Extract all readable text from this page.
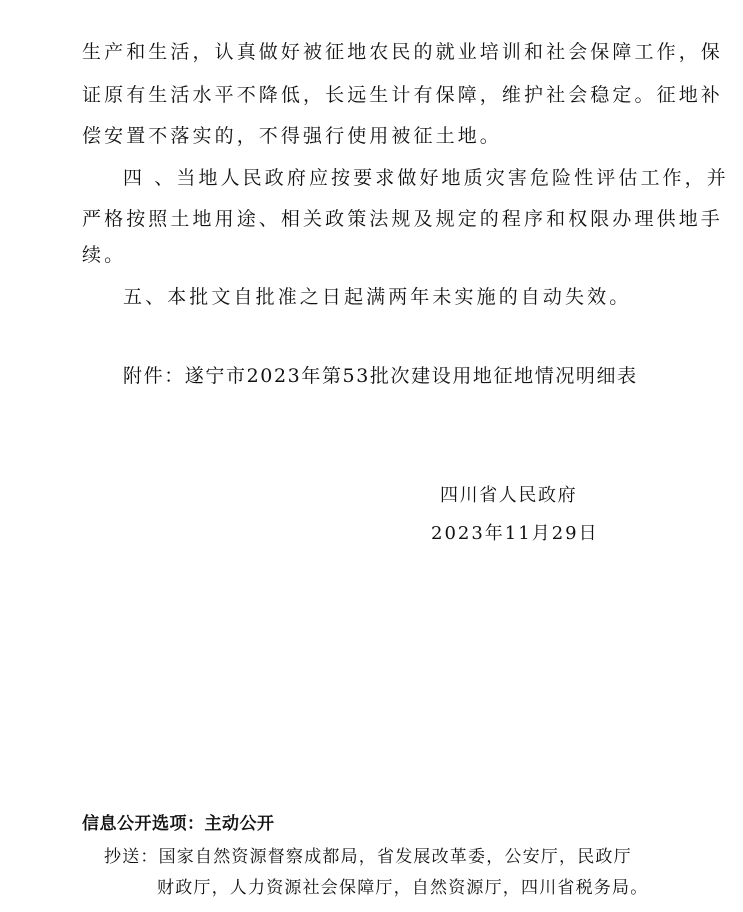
生产和生活，认真做好被征地农民的就业培训和社会保障工作，保
证原有生活水平不降低，长远生计有保障，维护社会稳定。征地补
偿安置不落实的，不得强行使用被征土地。
四 、当地人民政府应按要求做好地质灾害危险性评估工作，并
严格按照土地用途、相关政策法规及规定的程序和权限办理供地手
续。
五、本批文自批准之日起满两年未实施的自动失效。
附件：遂宁市2023年第53批次建设用地征地情况明细表
四川省人民政府
2023年11月29日
信息公开选项：主动公开
抄送：国家自然资源督察成都局，省发展改革委，公安厅，民政厅
财政厅，人力资源社会保障厅，自然资源厅，四川省税务局。
